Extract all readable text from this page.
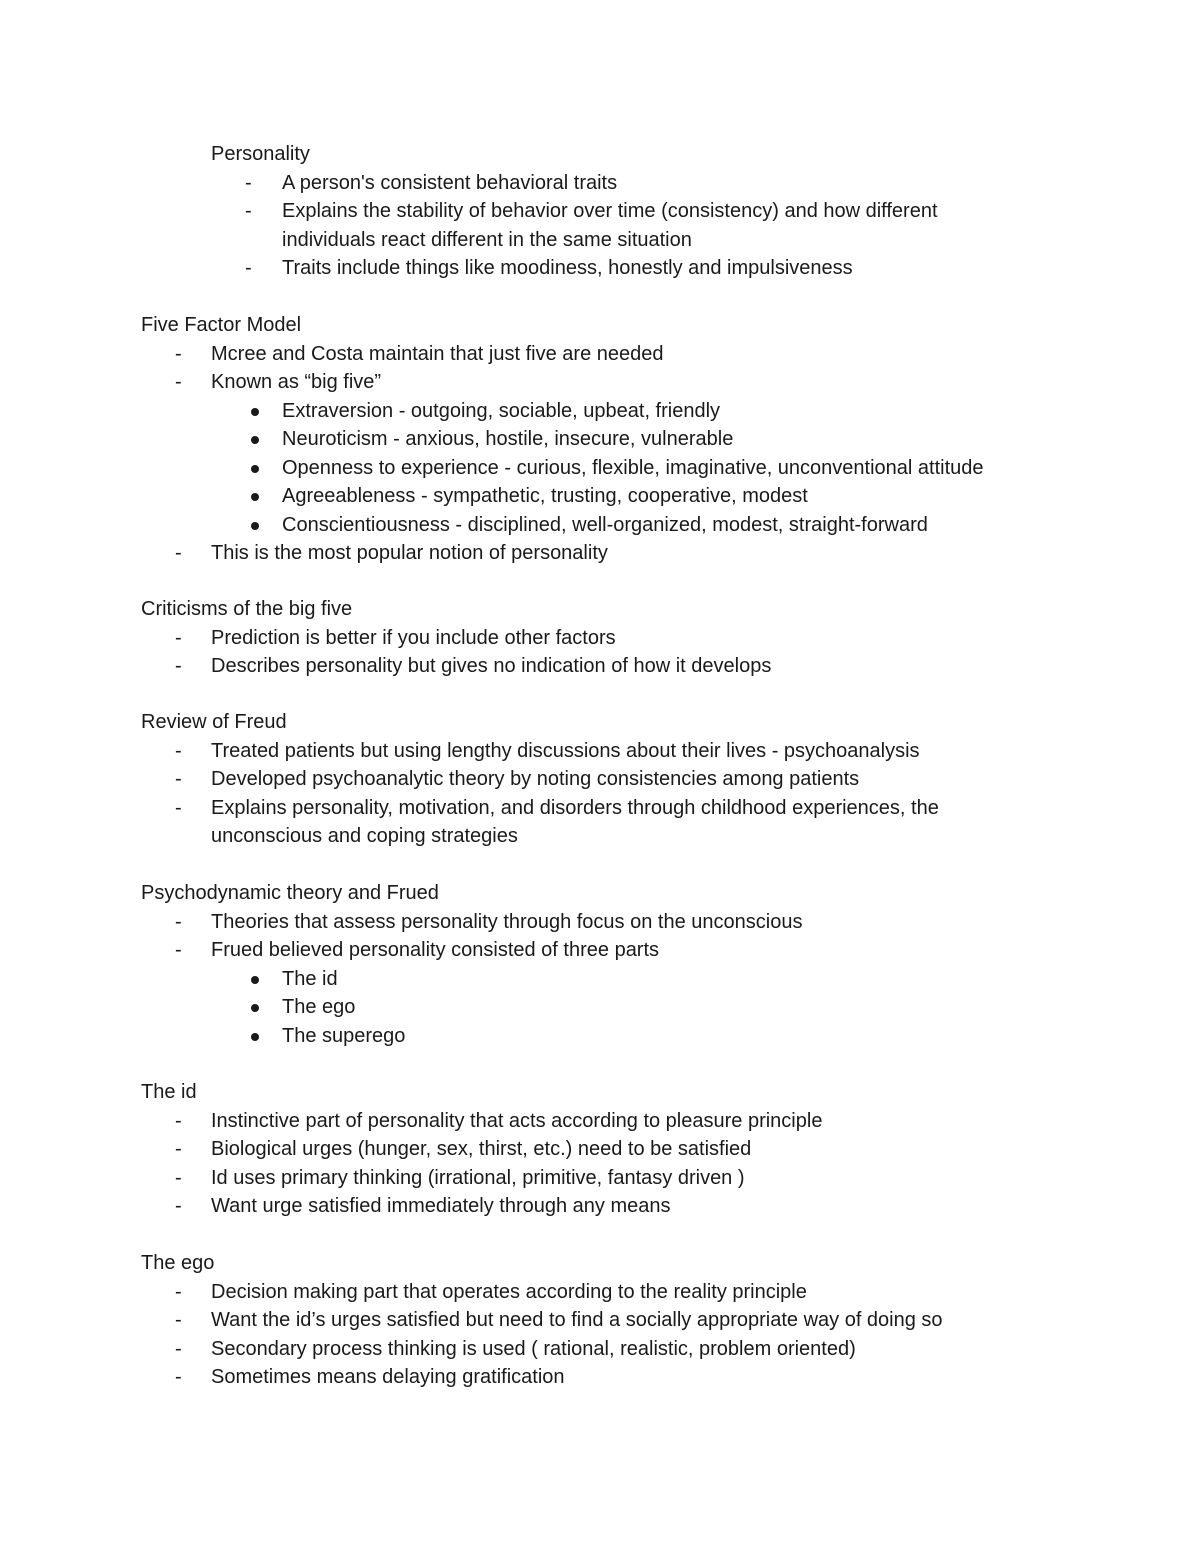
Personality
- A person's consistent behavioral traits
- Explains the stability of behavior over time (consistency) and how different
individuals react different in the same situation
- Traits include things like moodiness, honestly and impulsiveness
Five Factor Model
- Mcree and Costa maintain that just five are needed
- Known as “big five”
Extraversion - outgoing, sociable, upbeat, friendly
Neuroticism - anxious, hostile, insecure, vulnerable
Openness to experience - curious, flexible, imaginative, unconventional attitude
Agreeableness - sympathetic, trusting, cooperative, modest
Conscientiousness - disciplined, well-organized, modest, straight-forward
- This is the most popular notion of personality
Criticisms of the big five
- Prediction is better if you include other factors
- Describes personality but gives no indication of how it develops
Review of Freud
- Treated patients but using lengthy discussions about their lives - psychoanalysis
- Developed psychoanalytic theory by noting consistencies among patients
- Explains personality, motivation, and disorders through childhood experiences, the
unconscious and coping strategies
Psychodynamic theory and Frued
- Theories that assess personality through focus on the unconscious
- Frued believed personality consisted of three parts
The id
The ego
The superego
The id
- Instinctive part of personality that acts according to pleasure principle
- Biological urges (hunger, sex, thirst, etc.) need to be satisfied
- Id uses primary thinking (irrational, primitive, fantasy driven )
- Want urge satisfied immediately through any means
The ego
- Decision making part that operates according to the reality principle
- Want the id’s urges satisfied but need to find a socially appropriate way of doing so
- Secondary process thinking is used ( rational, realistic, problem oriented)
- Sometimes means delaying gratification
